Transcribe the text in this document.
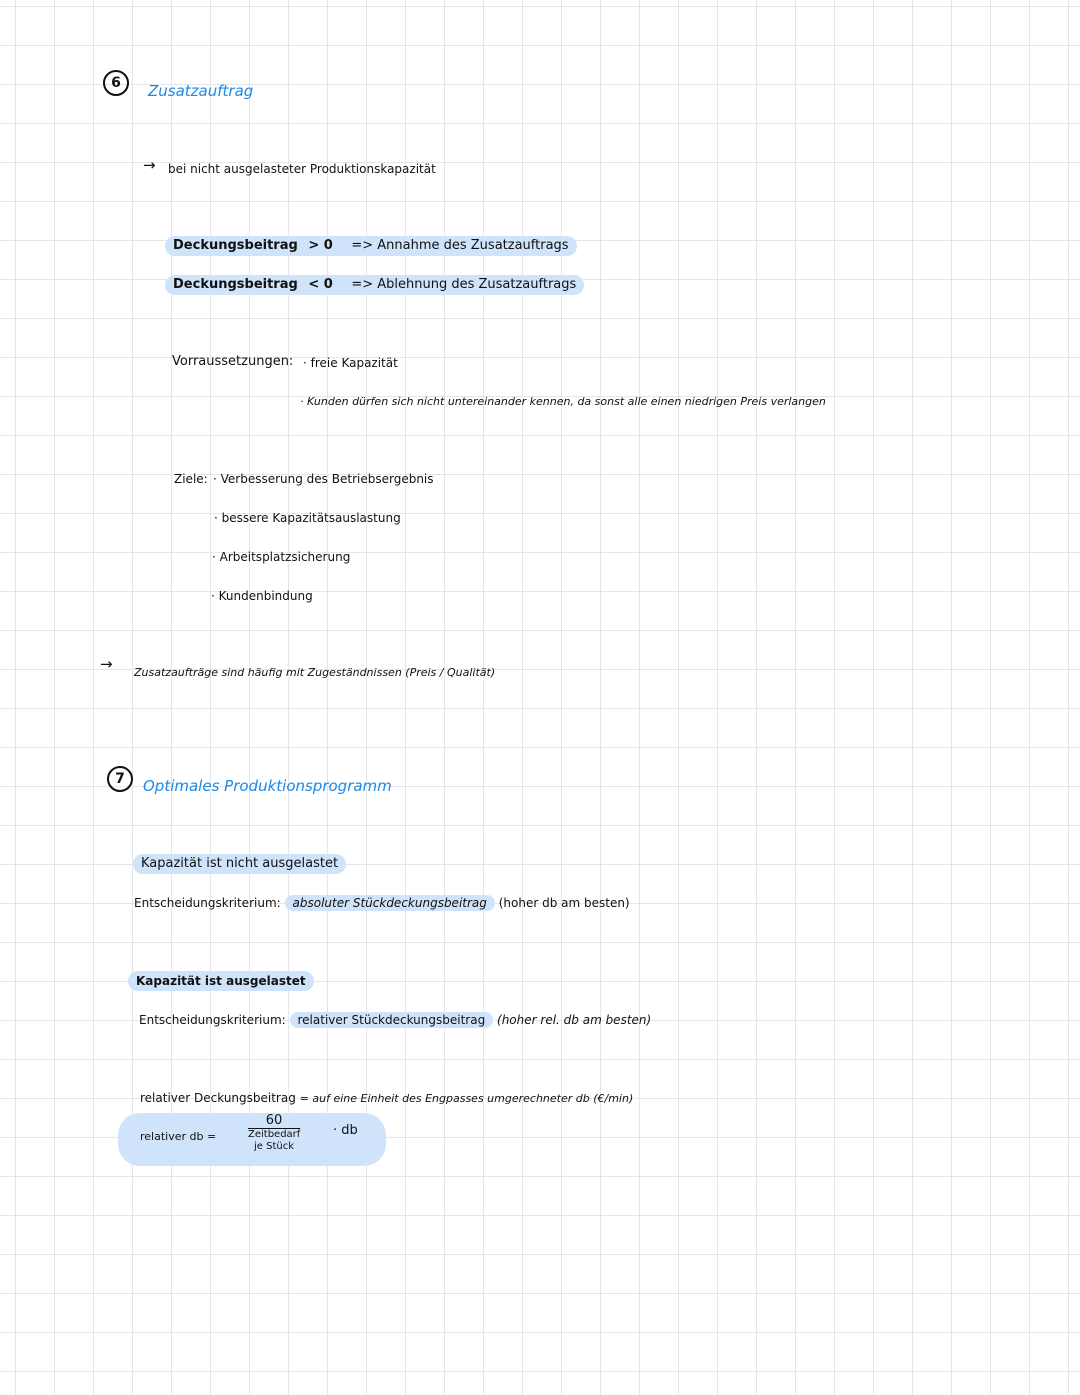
6	Zusatzauftrag
→ bei nicht ausgelasteter Produktionskapazität
Deckungsbeitrag > 0 => Annahme des Zusatzauftrags
Deckungsbeitrag < 0 => Ablehnung des Zusatzauftrags
Vorraussetzungen: · freie Kapazität
· Kunden dürfen sich nicht untereinander kennen, da sonst alle einen niedrigen Preis verlangen
Ziele: · Verbesserung des Betriebsergebnis
· bessere Kapazitätsauslastung
· Arbeitsplatzsicherung
· Kundenbindung
→ Zusatzaufträge sind häufig mit Zugeständnissen (Preis / Qualität)
7	Optimales Produktionsprogramm
Kapazität ist nicht ausgelastet
Entscheidungskriterium: absoluter Stückdeckungsbeitrag (hoher db am besten)
Kapazität ist ausgelastet
Entscheidungskriterium: relativer Stückdeckungsbeitrag (hoher rel. db am besten)
relativer Deckungsbeitrag = auf eine Einheit des Engpasses umgerechneter db (€/min)
relativer db =
60
Zeitbedarf
je Stück
· db
